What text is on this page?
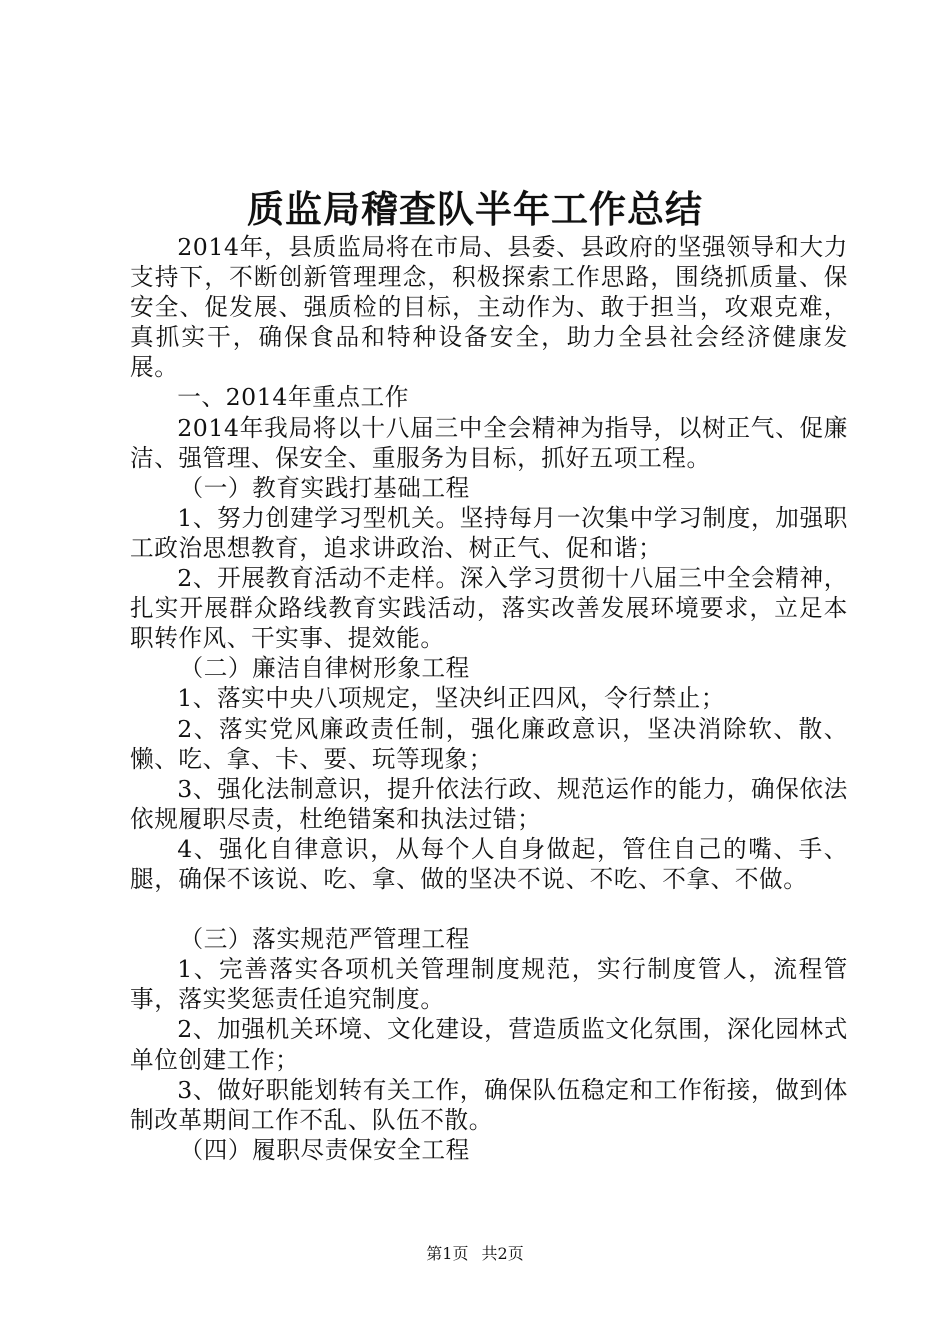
质监局稽查队半年工作总结

2014年，县质监局将在市局、县委、县政府的坚强领导和大力支持下，不断创新管理理念，积极探索工作思路，围绕抓质量、保安全、促发展、强质检的目标，主动作为、敢于担当，攻艰克难，真抓实干，确保食品和特种设备安全，助力全县社会经济健康发展。

一、2014年重点工作

2014年我局将以十八届三中全会精神为指导，以树正气、促廉洁、强管理、保安全、重服务为目标，抓好五项工程。

（一）教育实践打基础工程

1、努力创建学习型机关。坚持每月一次集中学习制度，加强职工政治思想教育，追求讲政治、树正气、促和谐；

2、开展教育活动不走样。深入学习贯彻十八届三中全会精神，扎实开展群众路线教育实践活动，落实改善发展环境要求，立足本职转作风、干实事、提效能。

（二）廉洁自律树形象工程

1、落实中央八项规定，坚决纠正四风，令行禁止；

2、落实党风廉政责任制，强化廉政意识，坚决消除软、散、懒、吃、拿、卡、要、玩等现象；

3、强化法制意识，提升依法行政、规范运作的能力，确保依法依规履职尽责，杜绝错案和执法过错；

4、强化自律意识，从每个人自身做起，管住自己的嘴、手、腿，确保不该说、吃、拿、做的坚决不说、不吃、不拿、不做。

（三）落实规范严管理工程

1、完善落实各项机关管理制度规范，实行制度管人，流程管事，落实奖惩责任追究制度。

2、加强机关环境、文化建设，营造质监文化氛围，深化园林式单位创建工作；

3、做好职能划转有关工作，确保队伍稳定和工作衔接，做到体制改革期间工作不乱、队伍不散。

（四）履职尽责保安全工程

第1页 共2页
